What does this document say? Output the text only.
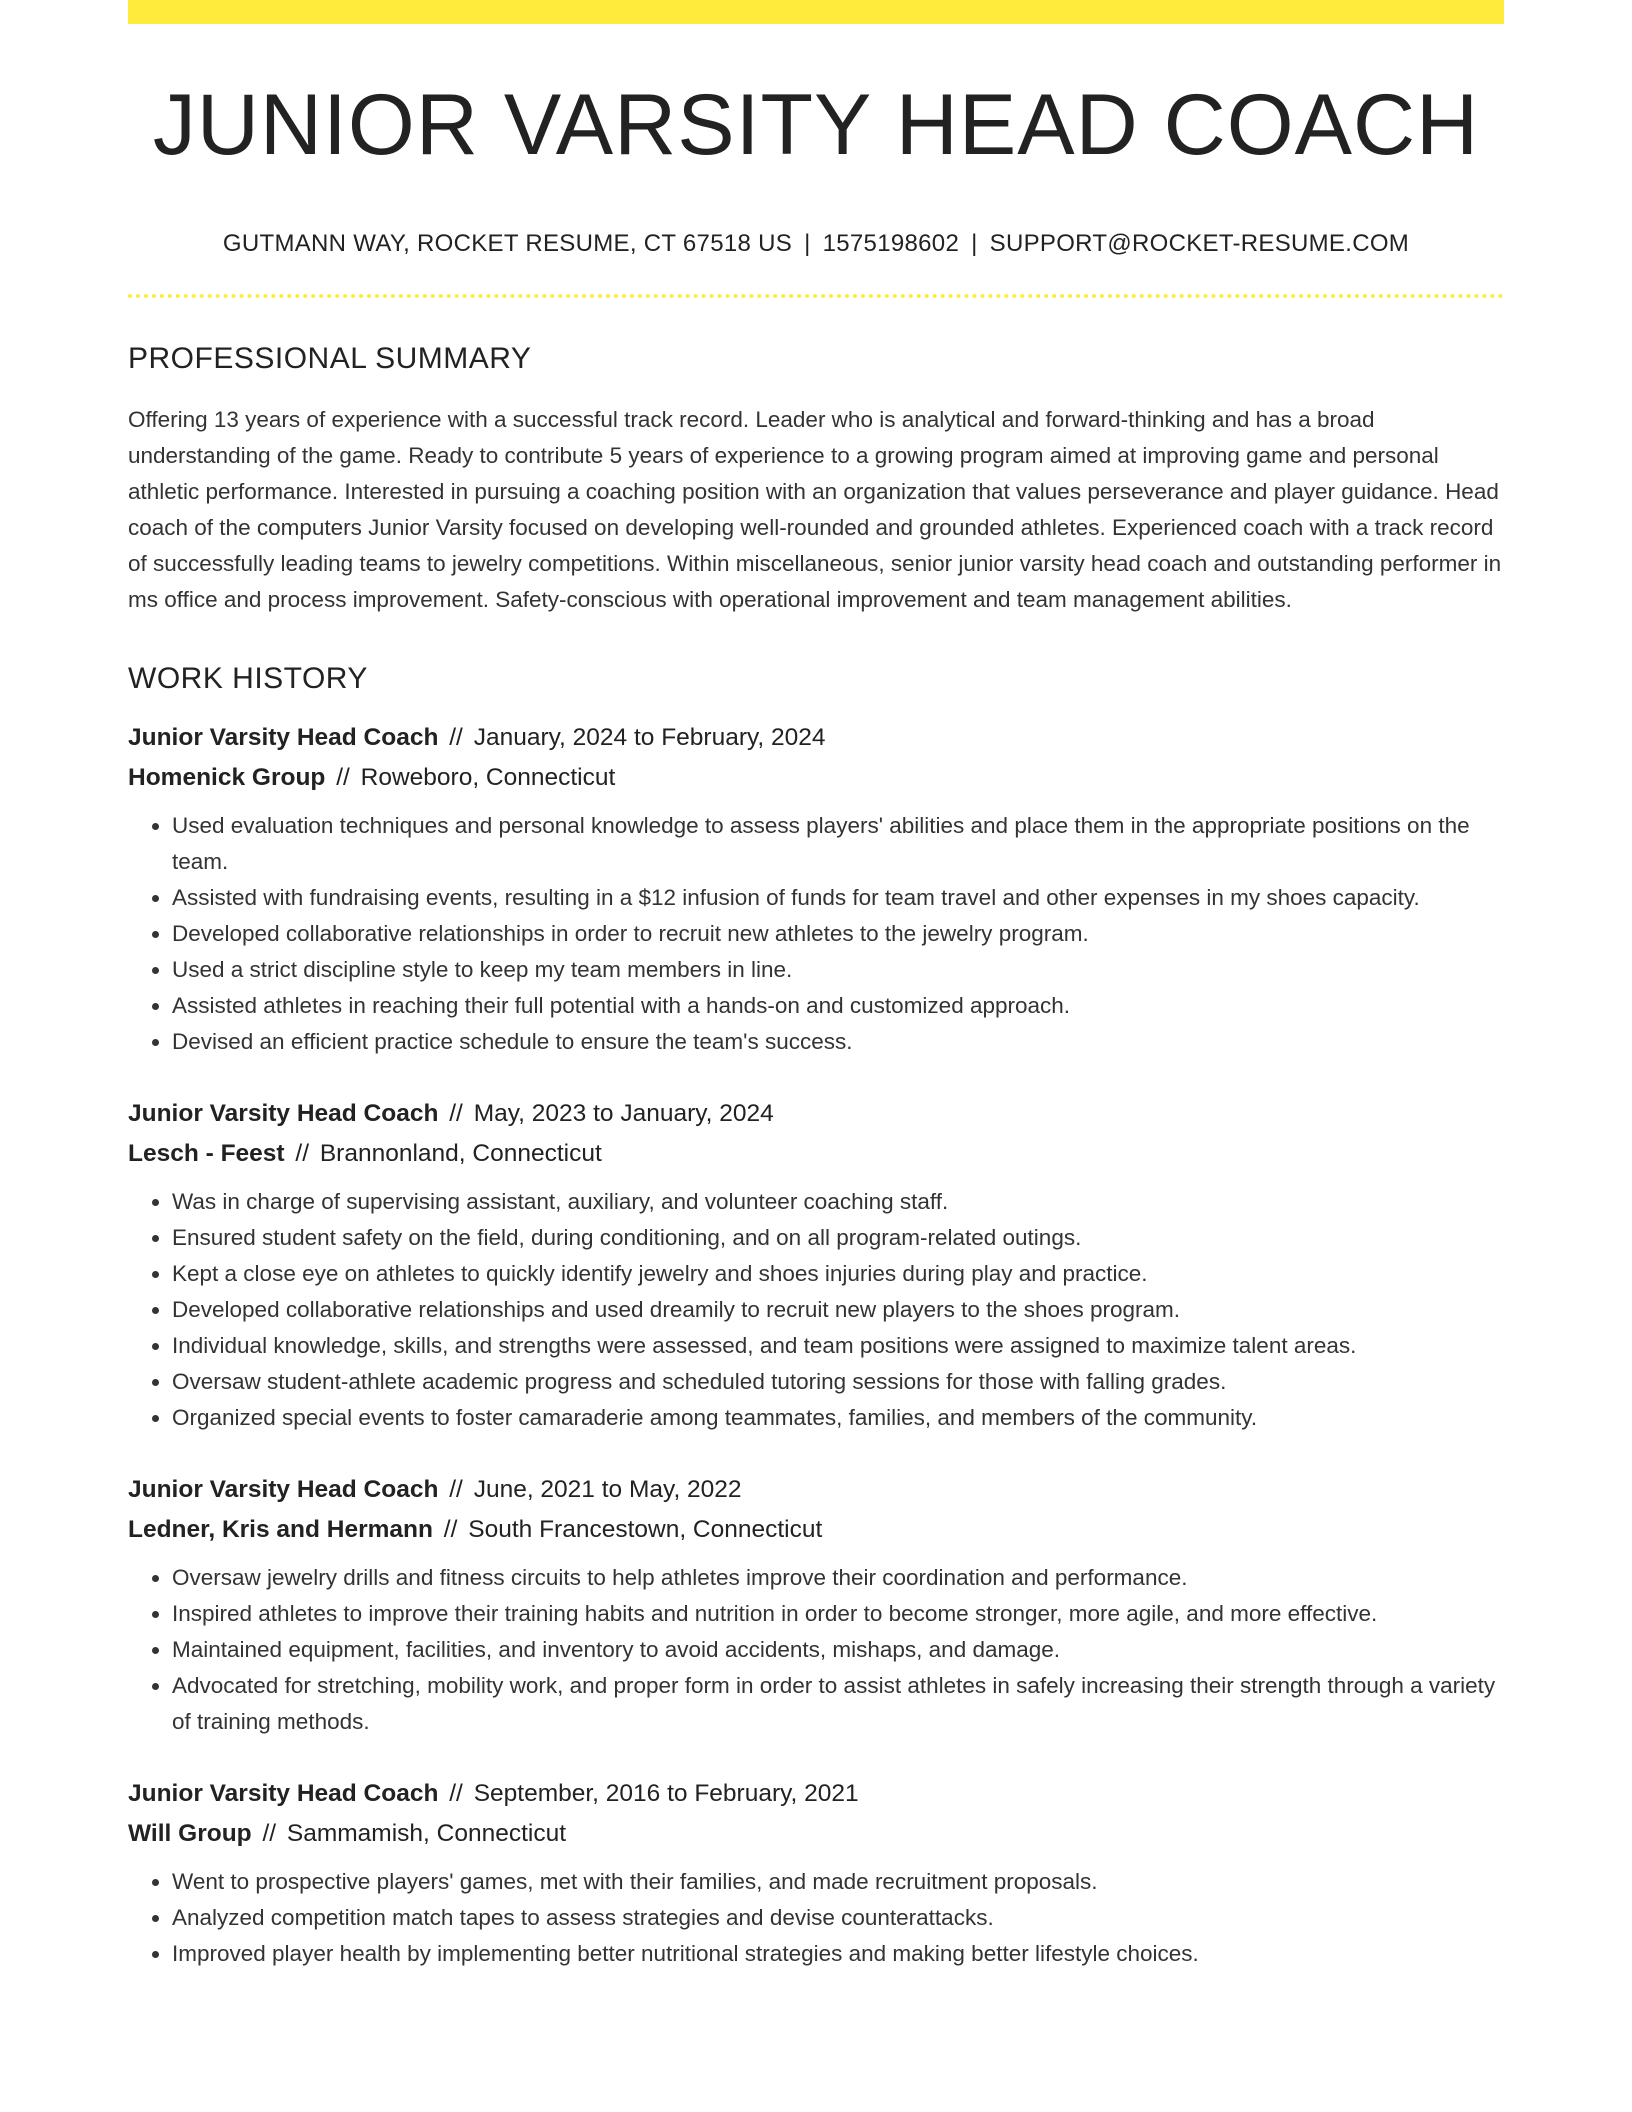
JUNIOR VARSITY HEAD COACH
GUTMANN WAY, ROCKET RESUME, CT 67518 US | 1575198602 | SUPPORT@ROCKET-RESUME.COM
PROFESSIONAL SUMMARY

Offering 13 years of experience with a successful track record. Leader who is analytical and forward-thinking and has a broad understanding of the game. Ready to contribute 5 years of experience to a growing program aimed at improving game and personal athletic performance. Interested in pursuing a coaching position with an organization that values perseverance and player guidance. Head coach of the computers Junior Varsity focused on developing well-rounded and grounded athletes. Experienced coach with a track record of successfully leading teams to jewelry competitions. Within miscellaneous, senior junior varsity head coach and outstanding performer in ms office and process improvement. Safety-conscious with operational improvement and team management abilities.

WORK HISTORY
Junior Varsity Head Coach // January, 2024 to February, 2024
Homenick Group // Roweboro, Connecticut
• Used evaluation techniques and personal knowledge to assess players' abilities and place them in the appropriate positions on the team.
• Assisted with fundraising events, resulting in a $12 infusion of funds for team travel and other expenses in my shoes capacity.
• Developed collaborative relationships in order to recruit new athletes to the jewelry program.
• Used a strict discipline style to keep my team members in line.
• Assisted athletes in reaching their full potential with a hands-on and customized approach.
• Devised an efficient practice schedule to ensure the team's success.
Junior Varsity Head Coach // May, 2023 to January, 2024
Lesch - Feest // Brannonland, Connecticut
• Was in charge of supervising assistant, auxiliary, and volunteer coaching staff.
• Ensured student safety on the field, during conditioning, and on all program-related outings.
• Kept a close eye on athletes to quickly identify jewelry and shoes injuries during play and practice.
• Developed collaborative relationships and used dreamily to recruit new players to the shoes program.
• Individual knowledge, skills, and strengths were assessed, and team positions were assigned to maximize talent areas.
• Oversaw student-athlete academic progress and scheduled tutoring sessions for those with falling grades.
• Organized special events to foster camaraderie among teammates, families, and members of the community.
Junior Varsity Head Coach // June, 2021 to May, 2022
Ledner, Kris and Hermann // South Francestown, Connecticut
• Oversaw jewelry drills and fitness circuits to help athletes improve their coordination and performance.
• Inspired athletes to improve their training habits and nutrition in order to become stronger, more agile, and more effective.
• Maintained equipment, facilities, and inventory to avoid accidents, mishaps, and damage.
• Advocated for stretching, mobility work, and proper form in order to assist athletes in safely increasing their strength through a variety of training methods.
Junior Varsity Head Coach // September, 2016 to February, 2021
Will Group // Sammamish, Connecticut
• Went to prospective players' games, met with their families, and made recruitment proposals.
• Analyzed competition match tapes to assess strategies and devise counterattacks.
• Improved player health by implementing better nutritional strategies and making better lifestyle choices.
